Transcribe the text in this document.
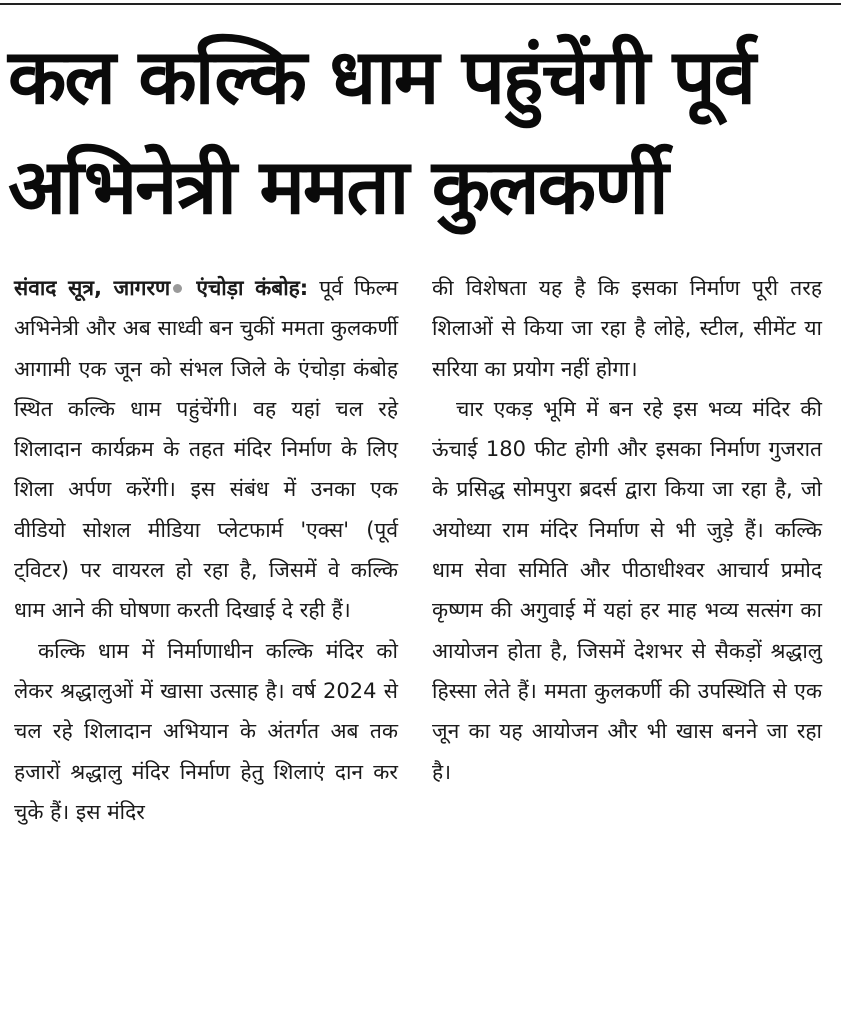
कल कल्कि धाम पहुंचेंगी पूर्व
अभिनेत्री ममता कुलकर्णी

संवाद सूत्र, जागरण एंचोड़ा कंबोह: पूर्व फिल्म अभिनेत्री और अब साध्वी बन चुकीं ममता कुलकर्णी आगामी एक जून को संभल जिले के एंचोड़ा कंबोह स्थित कल्कि धाम पहुंचेंगी। वह यहां चल रहे शिलादान कार्यक्रम के तहत मंदिर निर्माण के लिए शिला अर्पण करेंगी। इस संबंध में उनका एक वीडियो सोशल मीडिया प्लेटफार्म 'एक्स' (पूर्व ट्विटर) पर वायरल हो रहा है, जिसमें वे कल्कि धाम आने की घोषणा करती दिखाई दे रही हैं।

कल्कि धाम में निर्माणाधीन कल्कि मंदिर को लेकर श्रद्धालुओं में खासा उत्साह है। वर्ष 2024 से चल रहे शिलादान अभियान के अंतर्गत अब तक हजारों श्रद्धालु मंदिर निर्माण हेतु शिलाएं दान कर चुके हैं। इस मंदिर

की विशेषता यह है कि इसका निर्माण पूरी तरह शिलाओं से किया जा रहा है लोहे, स्टील, सीमेंट या सरिया का प्रयोग नहीं होगा।

चार एकड़ भूमि में बन रहे इस भव्य मंदिर की ऊंचाई 180 फीट होगी और इसका निर्माण गुजरात के प्रसिद्ध सोमपुरा ब्रदर्स द्वारा किया जा रहा है, जो अयोध्या राम मंदिर निर्माण से भी जुड़े हैं। कल्कि धाम सेवा समिति और पीठाधीश्वर आचार्य प्रमोद कृष्णम की अगुवाई में यहां हर माह भव्य सत्संग का आयोजन होता है, जिसमें देशभर से सैकड़ों श्रद्धालु हिस्सा लेते हैं। ममता कुलकर्णी की उपस्थिति से एक जून का यह आयोजन और भी खास बनने जा रहा है।
